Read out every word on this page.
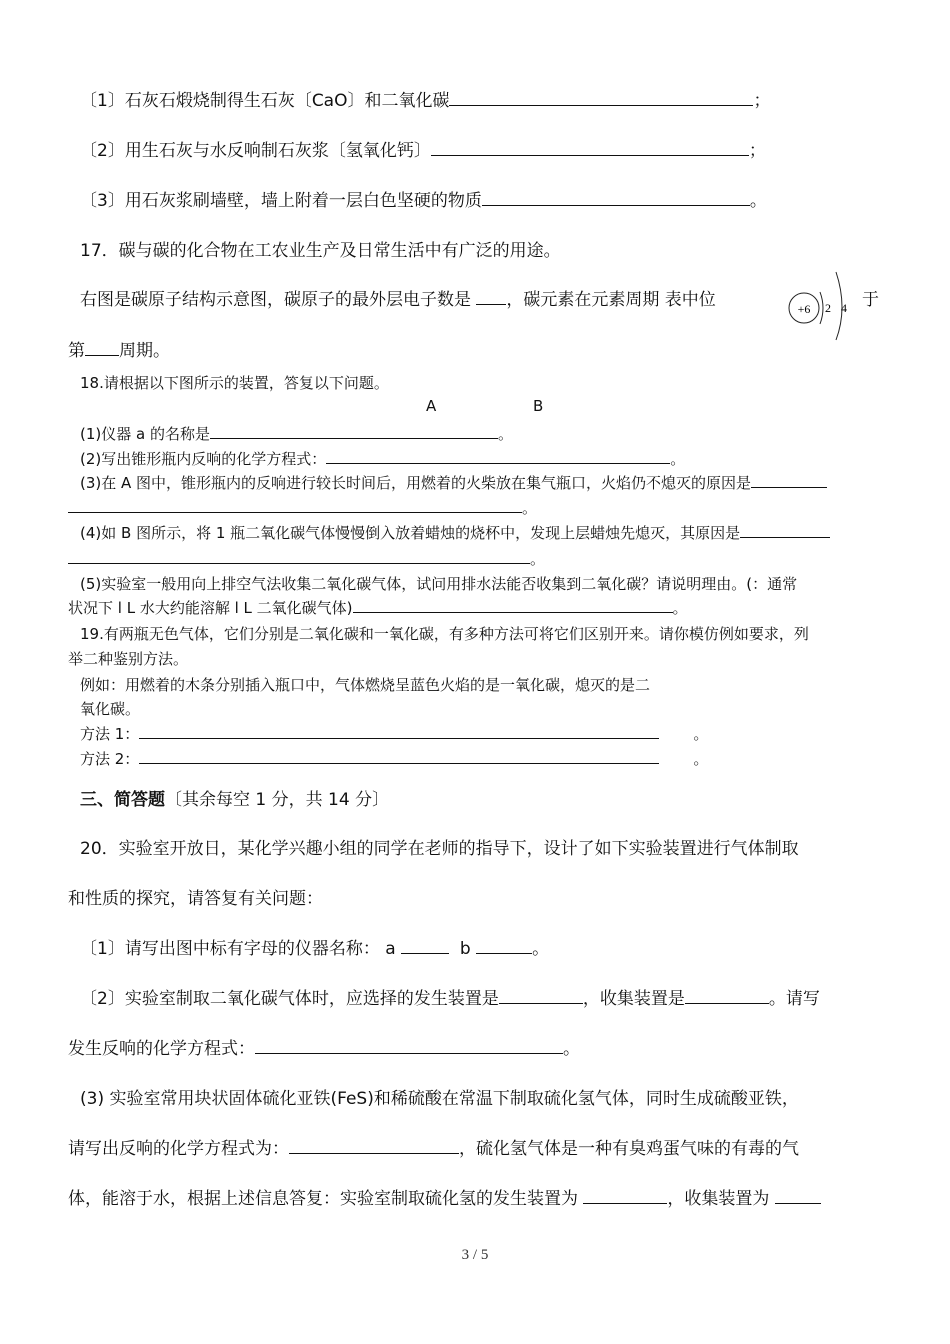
〔1〕石灰石煅烧制得生石灰〔CaO〕和二氧化碳	；
〔2〕用生石灰与水反响制石灰浆〔氢氧化钙〕	；
〔3〕用石灰浆刷墙壁，墙上附着一层白色坚硬的物质	。
17．碳与碳的化合物在工农业生产及日常生活中有广泛的用途。
右图是碳原子结构示意图，碳原子的最外层电子数是 ，碳元素在元素周期 表中位	于
+6 2 4
第 周期。
18.请根据以下图所示的装置，答复以下问题。
A	B
(1)仪器 a 的名称是	。
(2)写出锥形瓶内反响的化学方程式：	。
(3)在 A 图中，锥形瓶内的反响进行较长时间后，用燃着的火柴放在集气瓶口，火焰仍不熄灭的原因是
。
(4)如 B 图所示，将 1 瓶二氧化碳气体慢慢倒入放着蜡烛的烧杯中，发现上层蜡烛先熄灭，其原因是
。
(5)实验室一般用向上排空气法收集二氧化碳气体，试问用排水法能否收集到二氧化碳？请说明理由。(：通常
状况下 l L 水大约能溶解 l L 二氧化碳气体)	。
19.有两瓶无色气体，它们分别是二氧化碳和一氧化碳，有多种方法可将它们区别开来。请你模仿例如要求，列
举二种鉴别方法。
例如：用燃着的木条分别插入瓶口中，气体燃烧呈蓝色火焰的是一氧化碳，熄灭的是二
氧化碳。
方法 1：	。
方法 2：	。
三、简答题〔其余每空 1 分，共 14 分〕
20．实验室开放日，某化学兴趣小组的同学在老师的指导下，设计了如下实验装置进行气体制取
和性质的探究，请答复有关问题：
〔1〕请写出图中标有字母的仪器名称： a	b	。
〔2〕实验室制取二氧化碳气体时，应选择的发生装置是	，收集装置是	。请写
发生反响的化学方程式：	。
(3) 实验室常用块状固体硫化亚铁(FeS)和稀硫酸在常温下制取硫化氢气体，同时生成硫酸亚铁，
请写出反响的化学方程式为：	，硫化氢气体是一种有臭鸡蛋气味的有毒的气
体，能溶于水，根据上述信息答复：实验室制取硫化氢的发生装置为	，收集装置为
3 / 5
